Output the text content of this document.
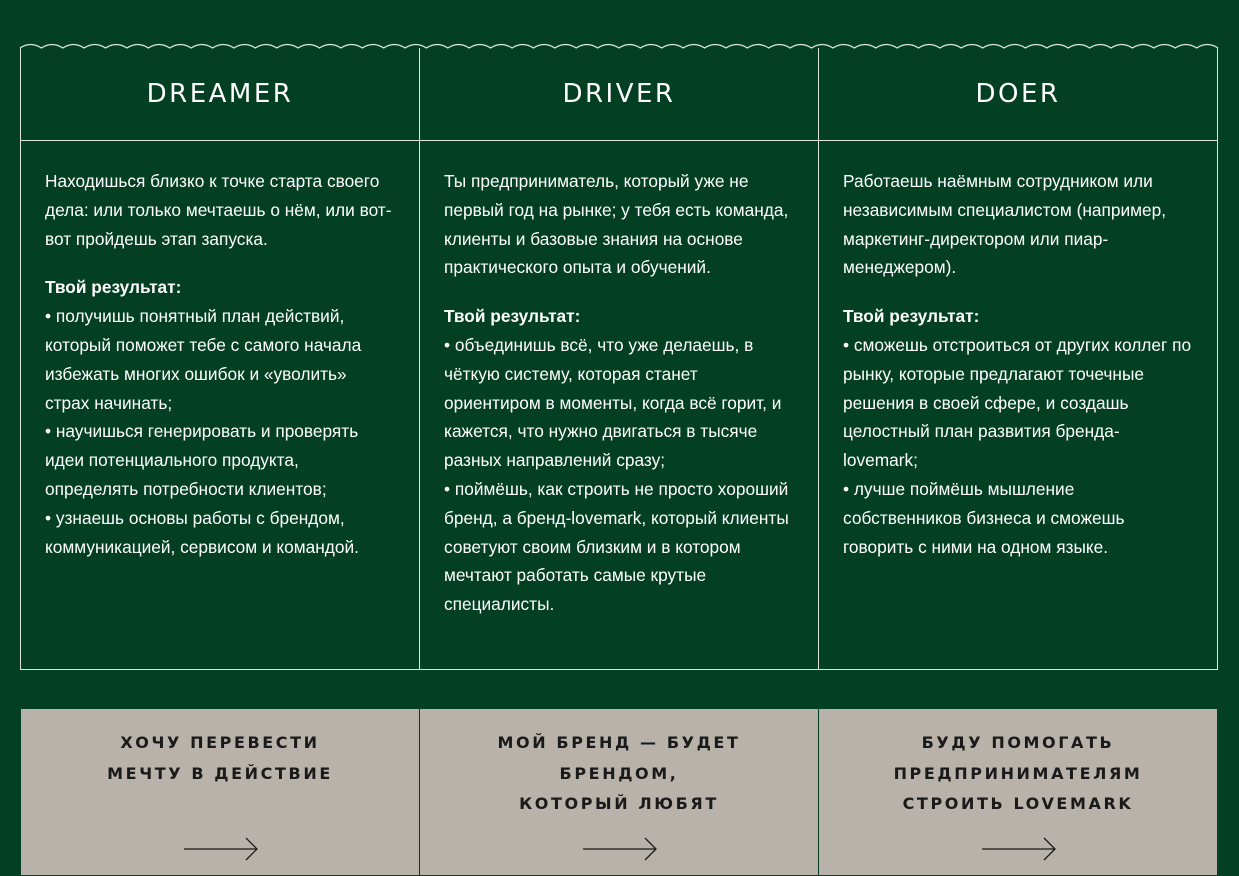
DREAMER

Находишься близко к точке старта своего дела: или только мечтаешь о нём, или вот-вот пройдешь этап запуска.

Твой результат:

• получишь понятный план действий, который поможет тебе с самого начала избежать многих ошибок и «уволить» страх начинать;

• научишься генерировать и проверять идеи потенциального продукта, определять потребности клиентов;

• узнаешь основы работы с брендом, коммуникацией, сервисом и командой.

DRIVER

Ты предприниматель, который уже не первый год на рынке; у тебя есть команда, клиенты и базовые знания на основе практического опыта и обучений.

Твой результат:

• объединишь всё, что уже делаешь, в чёткую систему, которая станет ориентиром в моменты, когда всё горит, и кажется, что нужно двигаться в тысяче разных направлений сразу;

• поймёшь, как строить не просто хороший бренд, а бренд-lovemark, который клиенты советуют своим близким и в котором мечтают работать самые крутые специалисты.

DOER

Работаешь наёмным сотрудником или независимым специалистом (например, маркетинг-директором или пиар-менеджером).

Твой результат:

• сможешь отстроиться от других коллег по рынку, которые предлагают точечные решения в своей сфере, и создашь целостный план развития бренда-lovemark;

• лучше поймёшь мышление собственников бизнеса и сможешь говорить с ними на одном языке.

ХОЧУ ПЕРЕВЕСТИ
МЕЧТУ В ДЕЙСТВИЕ
МОЙ БРЕНД — БУДЕТ БРЕНДОМ,
КОТОРЫЙ ЛЮБЯТ
БУДУ ПОМОГАТЬ
ПРЕДПРИНИМАТЕЛЯМ
СТРОИТЬ LOVEMARK
